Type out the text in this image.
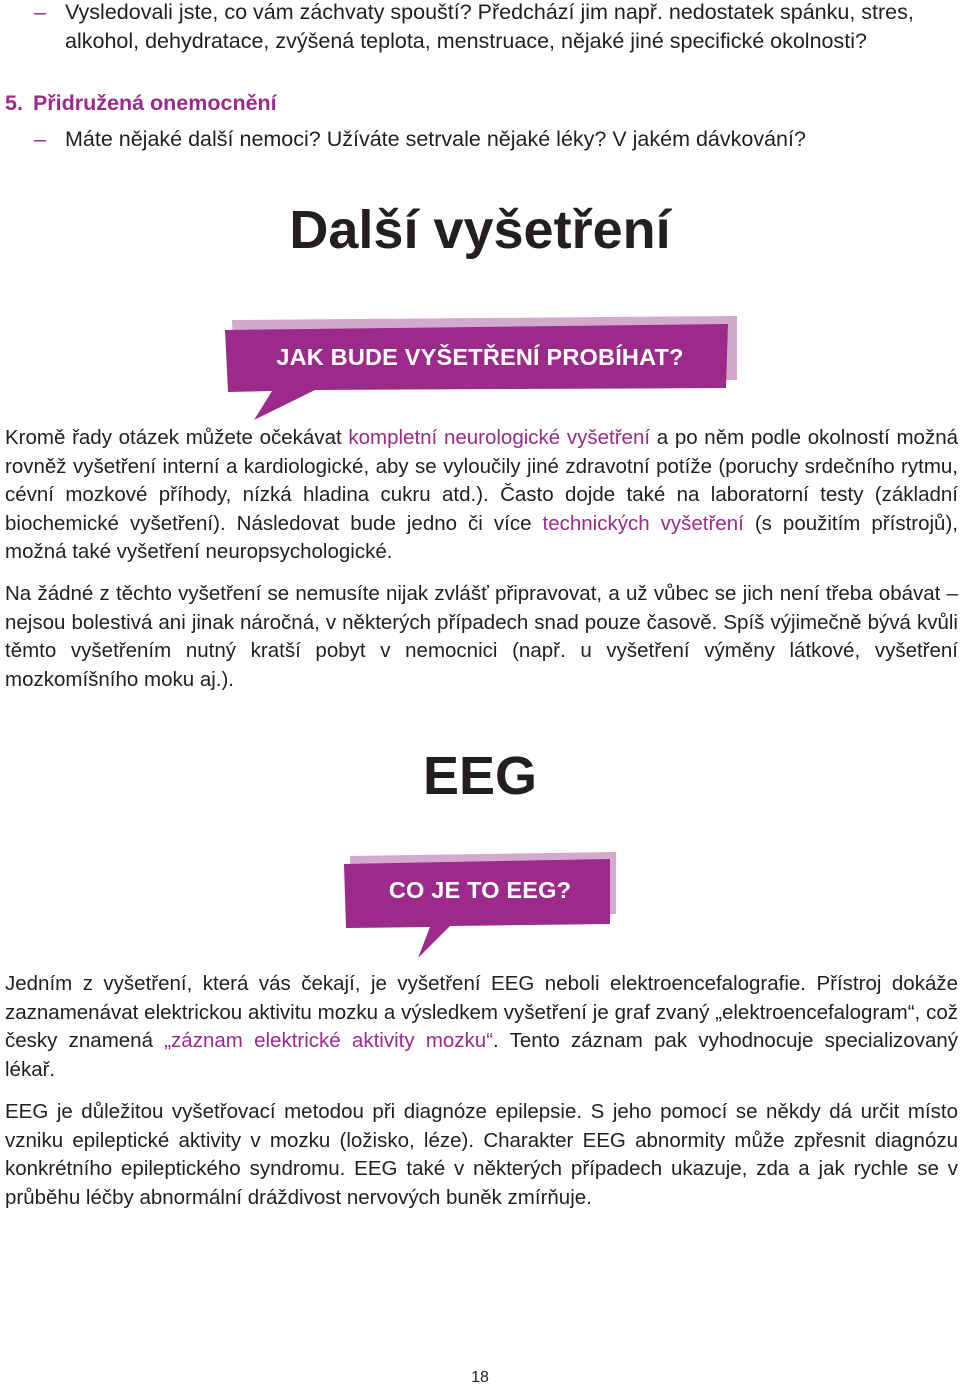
– Vysledovali jste, co vám záchvaty spouští? Předchází jim např. nedostatek spánku, stres, alkohol, dehydratace, zvýšená teplota, menstruace, nějaké jiné specifické okolnosti?
5. Přidružená onemocnění
– Máte nějaké další nemoci? Užíváte setrvale nějaké léky? V jakém dávkování?
Další vyšetření
JAK BUDE VYŠETŘENÍ PROBÍHAT?

Kromě řady otázek můžete očekávat kompletní neurologické vyšetření a po něm podle okolností možná rovněž vyšetření interní a kardiologické, aby se vyloučily jiné zdravotní potíže (poruchy srdečního rytmu, cévní mozkové příhody, nízká hladina cukru atd.). Často dojde také na laboratorní testy (základní biochemické vyšetření). Následovat bude jedno či více technických vyšetření (s použitím přístrojů), možná také vyšetření neuropsychologické.

Na žádné z těchto vyšetření se nemusíte nijak zvlášť připravovat, a už vůbec se jich není třeba obávat – nejsou bolestivá ani jinak náročná, v některých případech snad pouze časově. Spíš výjimečně bývá kvůli těmto vyšetřením nutný kratší pobyt v nemocnici (např. u vyšetření výměny látkové, vyšetření mozkomíšního moku aj.).

EEG
CO JE TO EEG?

Jedním z vyšetření, která vás čekají, je vyšetření EEG neboli elektroencefalografie. Přístroj dokáže zaznamenávat elektrickou aktivitu mozku a výsledkem vyšetření je graf zvaný „elektroencefalogram“, což česky znamená „záznam elektrické aktivity mozku“. Tento záznam pak vyhodnocuje specializovaný lékař.

EEG je důležitou vyšetřovací metodou při diagnóze epilepsie. S jeho pomocí se někdy dá určit místo vzniku epileptické aktivity v mozku (ložisko, léze). Charakter EEG abnormity může zpřesnit diagnózu konkrétního epileptického syndromu. EEG také v některých případech ukazuje, zda a jak rychle se v průběhu léčby abnormální dráždivost nervových buněk zmírňuje.

18
